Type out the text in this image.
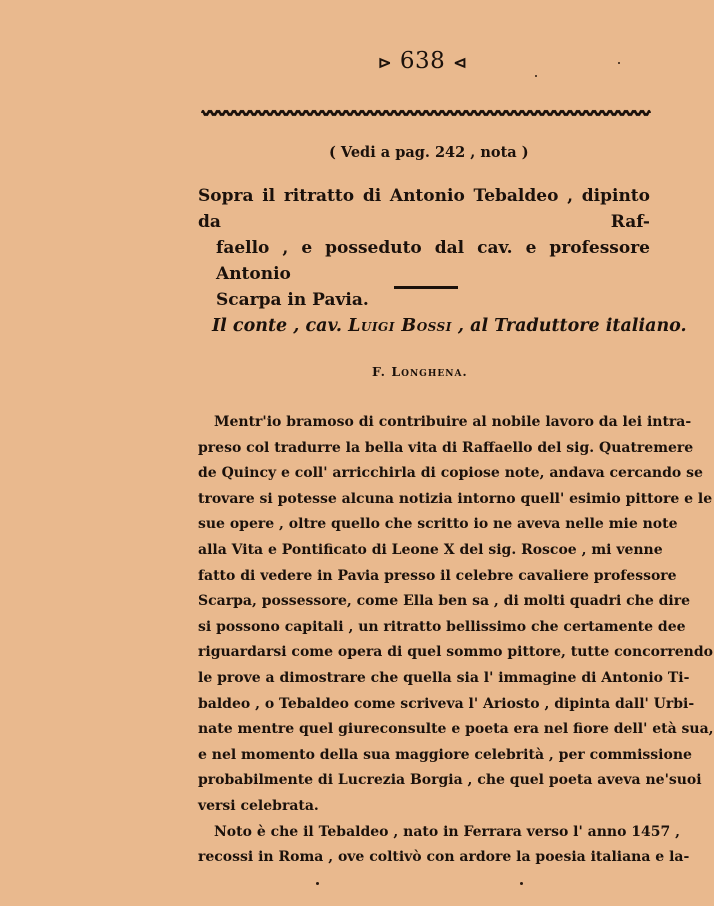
⊳ 638 ⊲
( Vedi a pag. 242 , nota )

Sopra il ritratto di Antonio Tebaldeo , dipinto da Raf-
faello , e posseduto dal cav. e professore Antonio
Scarpa in Pavia.

Il conte , cav. Luigi Bossi , al Traduttore italiano.
F. Longhena.
Mentr'io bramoso di contribuire al nobile lavoro da lei intra-
preso col tradurre la bella vita di Raffaello del sig. Quatremere
de Quincy e coll' arricchirla di copiose note, andava cercando se
trovare si potesse alcuna notizia intorno quell' esimio pittore e le
sue opere , oltre quello che scritto io ne aveva nelle mie note
alla Vita e Pontificato di Leone X del sig. Roscoe , mi venne
fatto di vedere in Pavia presso il celebre cavaliere professore
Scarpa, possessore, come Ella ben sa , di molti quadri che dire
si possono capitali , un ritratto bellissimo che certamente dee
riguardarsi come opera di quel sommo pittore, tutte concorrendo
le prove a dimostrare che quella sia l' immagine di Antonio Ti-
baldeo , o Tebaldeo come scriveva l' Ariosto , dipinta dall' Urbi-
nate mentre quel giureconsulte e poeta era nel fiore dell' età sua,
e nel momento della sua maggiore celebrità , per commissione
probabilmente di Lucrezia Borgia , che quel poeta aveva ne'suoi
versi celebrata.
Noto è che il Tebaldeo , nato in Ferrara verso l' anno 1457 ,
recossi in Roma , ove coltivò con ardore la poesia italiana e la-
